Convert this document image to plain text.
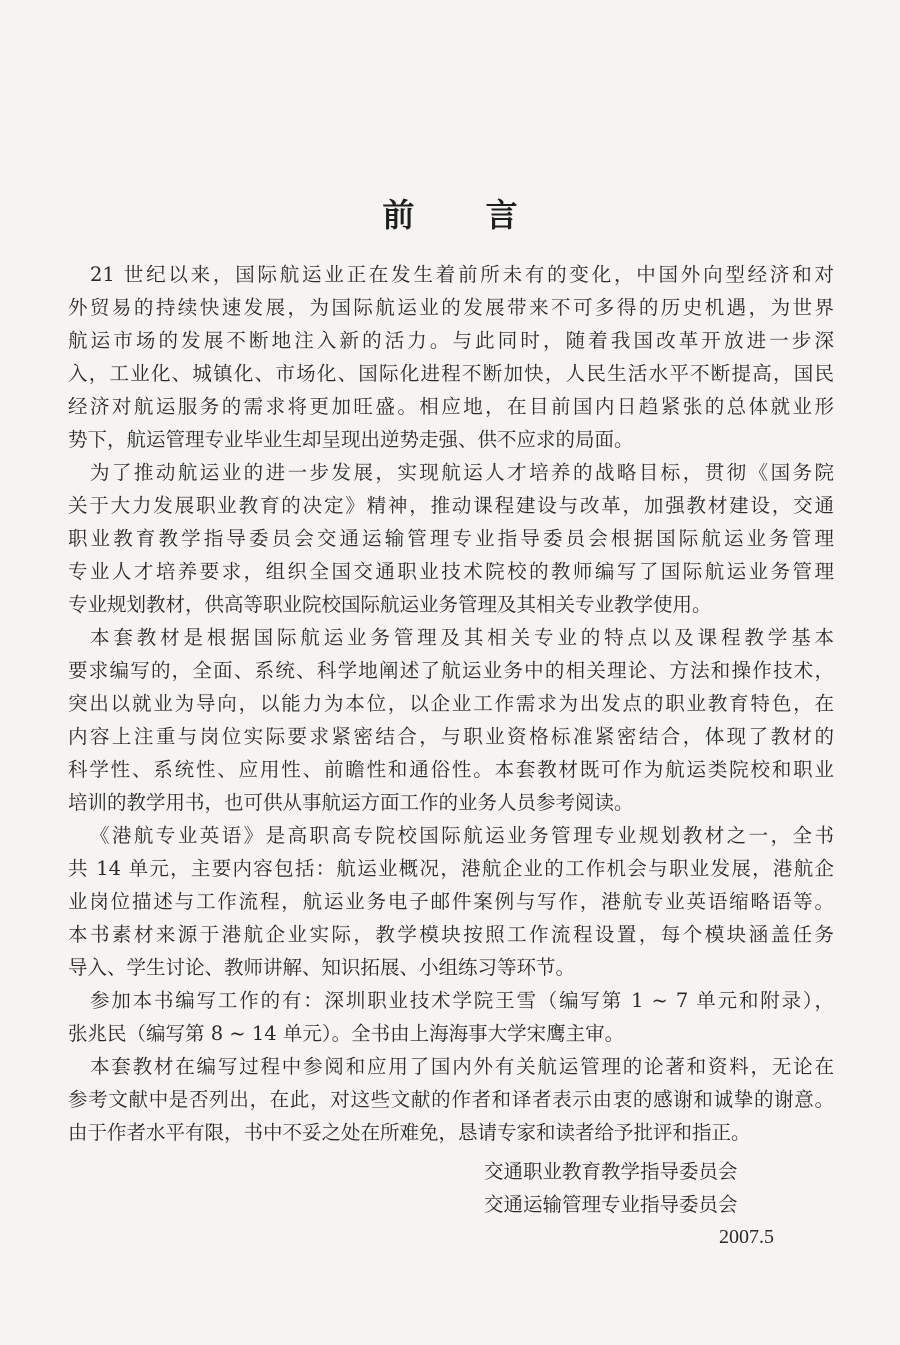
前 言
21 世纪以来，国际航运业正在发生着前所未有的变化，中国外向型经济和对
外贸易的持续快速发展，为国际航运业的发展带来不可多得的历史机遇，为世界
航运市场的发展不断地注入新的活力。与此同时，随着我国改革开放进一步深
入，工业化、城镇化、市场化、国际化进程不断加快，人民生活水平不断提高，国民
经济对航运服务的需求将更加旺盛。相应地，在目前国内日趋紧张的总体就业形
势下，航运管理专业毕业生却呈现出逆势走强、供不应求的局面。
为了推动航运业的进一步发展，实现航运人才培养的战略目标，贯彻《国务院
关于大力发展职业教育的决定》精神，推动课程建设与改革，加强教材建设，交通
职业教育教学指导委员会交通运输管理专业指导委员会根据国际航运业务管理
专业人才培养要求，组织全国交通职业技术院校的教师编写了国际航运业务管理
专业规划教材，供高等职业院校国际航运业务管理及其相关专业教学使用。
本套教材是根据国际航运业务管理及其相关专业的特点以及课程教学基本
要求编写的，全面、系统、科学地阐述了航运业务中的相关理论、方法和操作技术，
突出以就业为导向，以能力为本位，以企业工作需求为出发点的职业教育特色，在
内容上注重与岗位实际要求紧密结合，与职业资格标准紧密结合，体现了教材的
科学性、系统性、应用性、前瞻性和通俗性。本套教材既可作为航运类院校和职业
培训的教学用书，也可供从事航运方面工作的业务人员参考阅读。
《港航专业英语》是高职高专院校国际航运业务管理专业规划教材之一，全书
共 14 单元，主要内容包括：航运业概况，港航企业的工作机会与职业发展，港航企
业岗位描述与工作流程，航运业务电子邮件案例与写作，港航专业英语缩略语等。
本书素材来源于港航企业实际，教学模块按照工作流程设置，每个模块涵盖任务
导入、学生讨论、教师讲解、知识拓展、小组练习等环节。
参加本书编写工作的有：深圳职业技术学院王雪（编写第 1 ~ 7 单元和附录），
张兆民（编写第 8 ~ 14 单元）。全书由上海海事大学宋鹰主审。
本套教材在编写过程中参阅和应用了国内外有关航运管理的论著和资料，无论在
参考文献中是否列出，在此，对这些文献的作者和译者表示由衷的感谢和诚挚的谢意。
由于作者水平有限，书中不妥之处在所难免，恳请专家和读者给予批评和指正。
交通职业教育教学指导委员会
交通运输管理专业指导委员会
2007.5
